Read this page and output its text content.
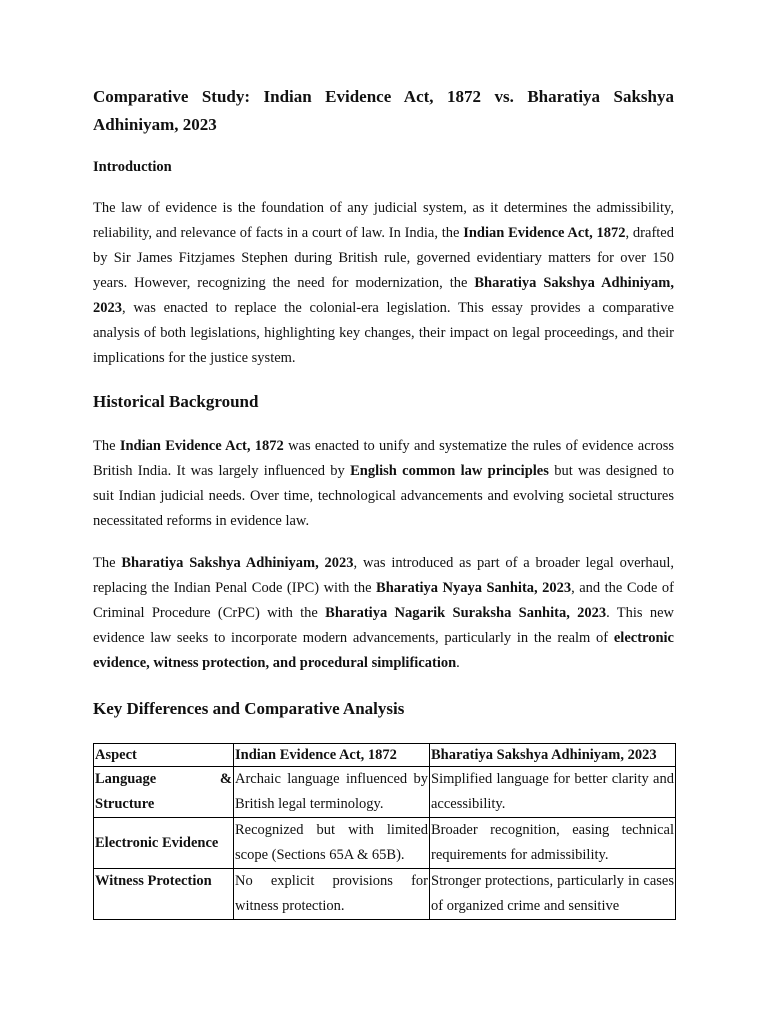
Comparative Study: Indian Evidence Act, 1872 vs. Bharatiya Sakshya Adhiniyam, 2023
Introduction

The law of evidence is the foundation of any judicial system, as it determines the admissibility, reliability, and relevance of facts in a court of law. In India, the Indian Evidence Act, 1872, drafted by Sir James Fitzjames Stephen during British rule, governed evidentiary matters for over 150 years. However, recognizing the need for modernization, the Bharatiya Sakshya Adhiniyam, 2023, was enacted to replace the colonial-era legislation. This essay provides a comparative analysis of both legislations, highlighting key changes, their impact on legal proceedings, and their implications for the justice system.

Historical Background

The Indian Evidence Act, 1872 was enacted to unify and systematize the rules of evidence across British India. It was largely influenced by English common law principles but was designed to suit Indian judicial needs. Over time, technological advancements and evolving societal structures necessitated reforms in evidence law.

The Bharatiya Sakshya Adhiniyam, 2023, was introduced as part of a broader legal overhaul, replacing the Indian Penal Code (IPC) with the Bharatiya Nyaya Sanhita, 2023, and the Code of Criminal Procedure (CrPC) with the Bharatiya Nagarik Suraksha Sanhita, 2023. This new evidence law seeks to incorporate modern advancements, particularly in the realm of electronic evidence, witness protection, and procedural simplification.

Key Differences and Comparative Analysis
Aspect	Indian Evidence Act, 1872	Bharatiya Sakshya Adhiniyam, 2023

Language &
Structure	Archaic language influenced by British legal terminology.	Simplified language for better clarity and accessibility.
Electronic Evidence	Recognized but with limited scope (Sections 65A & 65B).	Broader recognition, easing technical requirements for admissibility.
Witness Protection	No explicit provisions for witness protection.	Stronger protections, particularly in cases of organized crime and sensitive
